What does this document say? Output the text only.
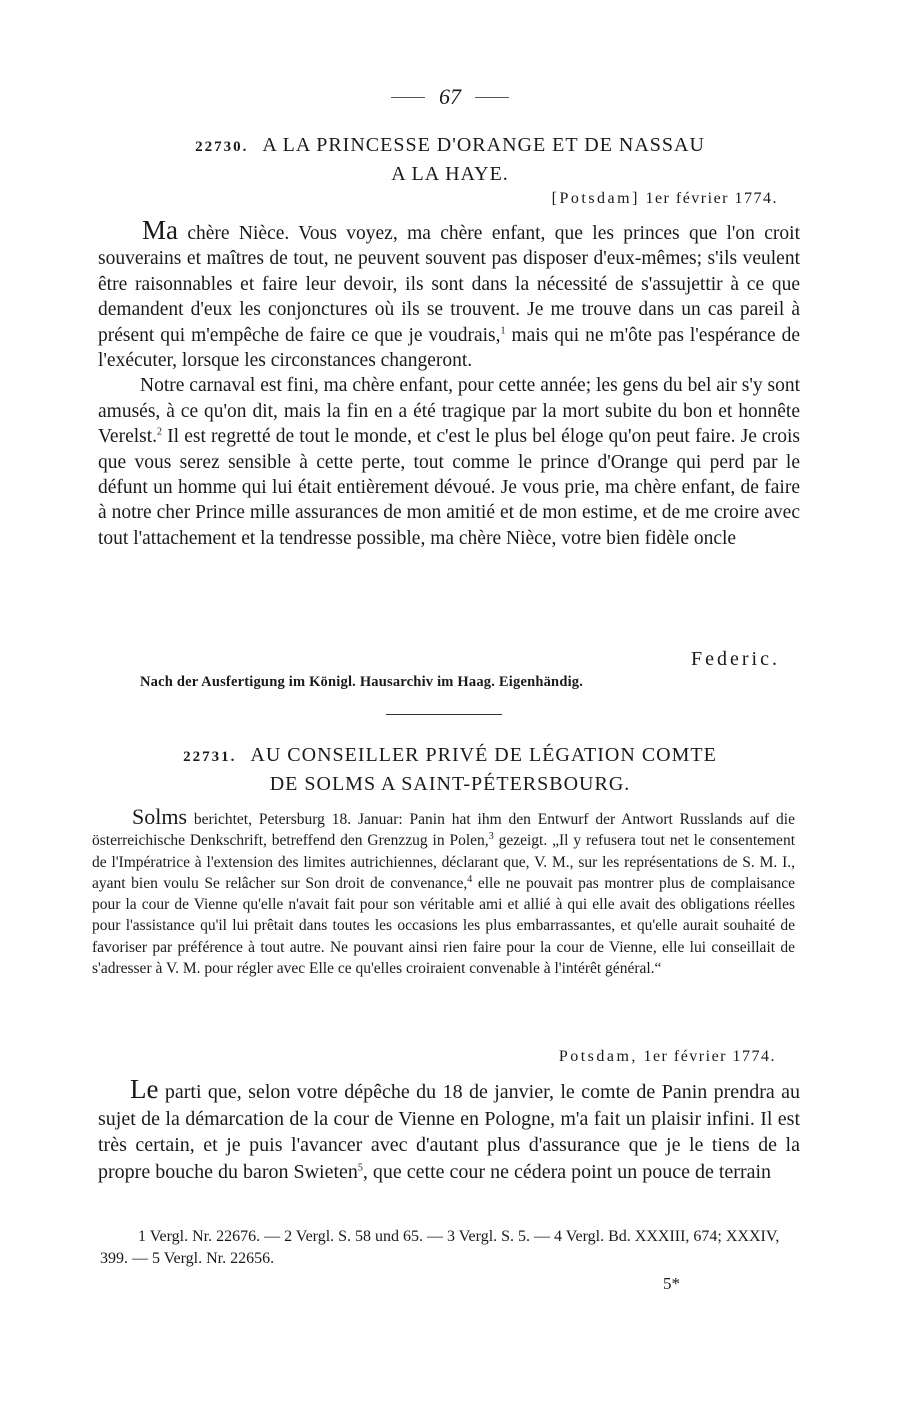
67
22730. A LA PRINCESSE D'ORANGE ET DE NASSAU
A LA HAYE.
[Potsdam] 1er février 1774.

Ma chère Nièce. Vous voyez, ma chère enfant, que les princes que l'on croit souverains et maîtres de tout, ne peuvent souvent pas disposer d'eux-mêmes; s'ils veulent être raisonnables et faire leur devoir, ils sont dans la nécessité de s'assujettir à ce que demandent d'eux les conjonctures où ils se trouvent. Je me trouve dans un cas pareil à présent qui m'empêche de faire ce que je voudrais,$^1$ mais qui ne m'ôte pas l'espérance de l'exécuter, lorsque les circonstances changeront.

Notre carnaval est fini, ma chère enfant, pour cette année; les gens du bel air s'y sont amusés, à ce qu'on dit, mais la fin en a été tragique par la mort subite du bon et honnête Verelst.$^2$ Il est regretté de tout le monde, et c'est le plus bel éloge qu'on peut faire. Je crois que vous serez sensible à cette perte, tout comme le prince d'Orange qui perd par le défunt un homme qui lui était entièrement dévoué. Je vous prie, ma chère enfant, de faire à notre cher Prince mille assurances de mon amitié et de mon estime, et de me croire avec tout l'attachement et la tendresse possible, ma chère Nièce, votre bien fidèle oncle

Federic.
Nach der Ausfertigung im Königl. Hausarchiv im Haag. Eigenhändig.
22731. AU CONSEILLER PRIVÉ DE LÉGATION COMTE
DE SOLMS A SAINT-PÉTERSBOURG.

Solms berichtet, Petersburg 18. Januar: Panin hat ihm den Entwurf der Antwort Russlands auf die österreichische Denkschrift, betreffend den Grenzzug in Polen,$^3$ gezeigt. „Il y refusera tout net le consentement de l'Impératrice à l'extension des limites autrichiennes, déclarant que, V. M., sur les représentations de S. M. I., ayant bien voulu Se relâcher sur Son droit de convenance,$^4$ elle ne pouvait pas montrer plus de complaisance pour la cour de Vienne qu'elle n'avait fait pour son véritable ami et allié à qui elle avait des obligations réelles pour l'assistance qu'il lui prêtait dans toutes les occasions les plus embarrassantes, et qu'elle aurait souhaité de favoriser par préférence à tout autre. Ne pouvant ainsi rien faire pour la cour de Vienne, elle lui conseillait de s'adresser à V. M. pour régler avec Elle ce qu'elles croiraient convenable à l'intérêt général.“

Potsdam, 1er février 1774.

Le parti que, selon votre dépêche du 18 de janvier, le comte de Panin prendra au sujet de la démarcation de la cour de Vienne en Pologne, m'a fait un plaisir infini. Il est très certain, et je puis l'avancer avec d'autant plus d'assurance que je le tiens de la propre bouche du baron Swieten$^5$, que cette cour ne cédera point un pouce de terrain

1 Vergl. Nr. 22676. — 2 Vergl. S. 58 und 65. — 3 Vergl. S. 5. — 4 Vergl. Bd. XXXIII, 674; XXXIV, 399. — 5 Vergl. Nr. 22656.

5*
